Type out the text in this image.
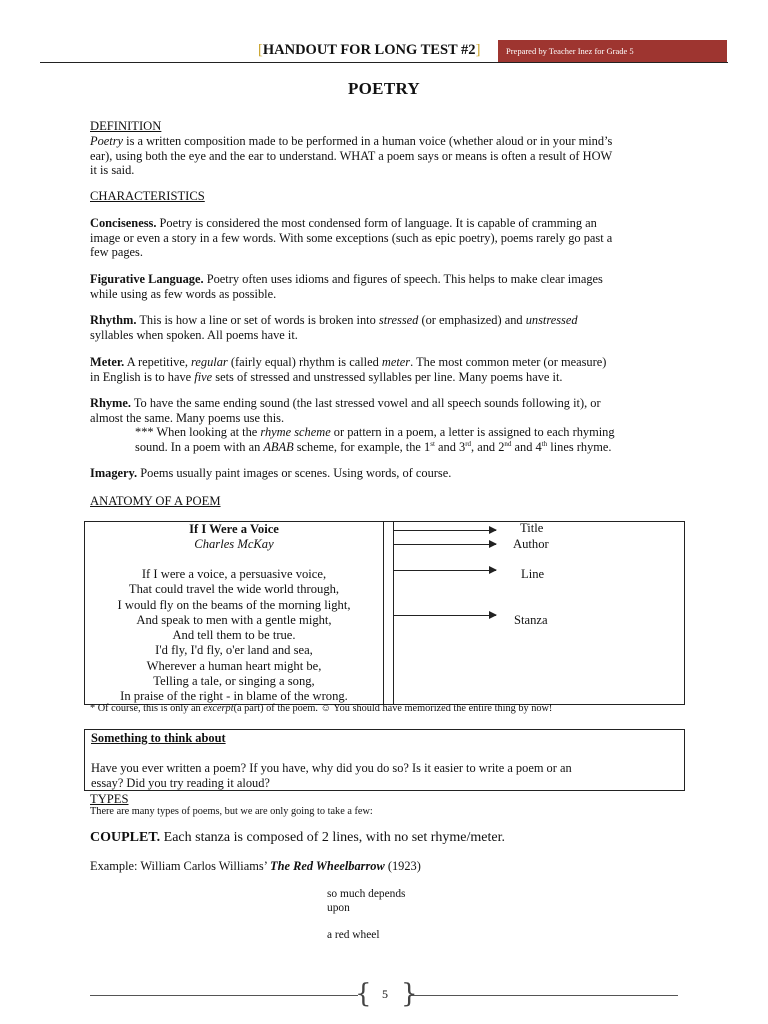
[HANDOUT FOR LONG TEST #2]	Prepared by Teacher Inez for Grade 5
POETRY
DEFINITION
Poetry is a written composition made to be performed in a human voice (whether aloud or in your mind’s
ear), using both the eye and the ear to understand. WHAT a poem says or means is often a result of HOW
it is said.
CHARACTERISTICS
Conciseness. Poetry is considered the most condensed form of language. It is capable of cramming an
image or even a story in a few words. With some exceptions (such as epic poetry), poems rarely go past a
few pages.
Figurative Language. Poetry often uses idioms and figures of speech. This helps to make clear images
while using as few words as possible.
Rhythm. This is how a line or set of words is broken into stressed (or emphasized) and unstressed
syllables when spoken. All poems have it.
Meter. A repetitive, regular (fairly equal) rhythm is called meter. The most common meter (or measure)
in English is to have five sets of stressed and unstressed syllables per line. Many poems have it.
Rhyme. To have the same ending sound (the last stressed vowel and all speech sounds following it), or
almost the same. Many poems use this.
*** When looking at the rhyme scheme or pattern in a poem, a letter is assigned to each rhyming
sound. In a poem with an ABAB scheme, for example, the 1st and 3rd, and 2nd and 4th lines rhyme.
Imagery. Poems usually paint images or scenes. Using words, of course.
ANATOMY OF A POEM
If I Were a Voice
Charles McKay
If I were a voice, a persuasive voice,
That could travel the wide world through,
I would fly on the beams of the morning light,
And speak to men with a gentle might,
And tell them to be true.
I'd fly, I'd fly, o'er land and sea,
Wherever a human heart might be,
Telling a tale, or singing a song,
In praise of the right - in blame of the wrong.
Title
Author
Line
Stanza
* Of course, this is only an excerpt(a part) of the poem. ☺ You should have memorized the entire thing by now!
Something to think about
Have you ever written a poem? If you have, why did you do so? Is it easier to write a poem or an
essay? Did you try reading it aloud?
TYPES
There are many types of poems, but we are only going to take a few:
COUPLET. Each stanza is composed of 2 lines, with no set rhyme/meter.
Example: William Carlos Williams’ The Red Wheelbarrow (1923)
so much depends
upon
a red wheel
{ }
5
